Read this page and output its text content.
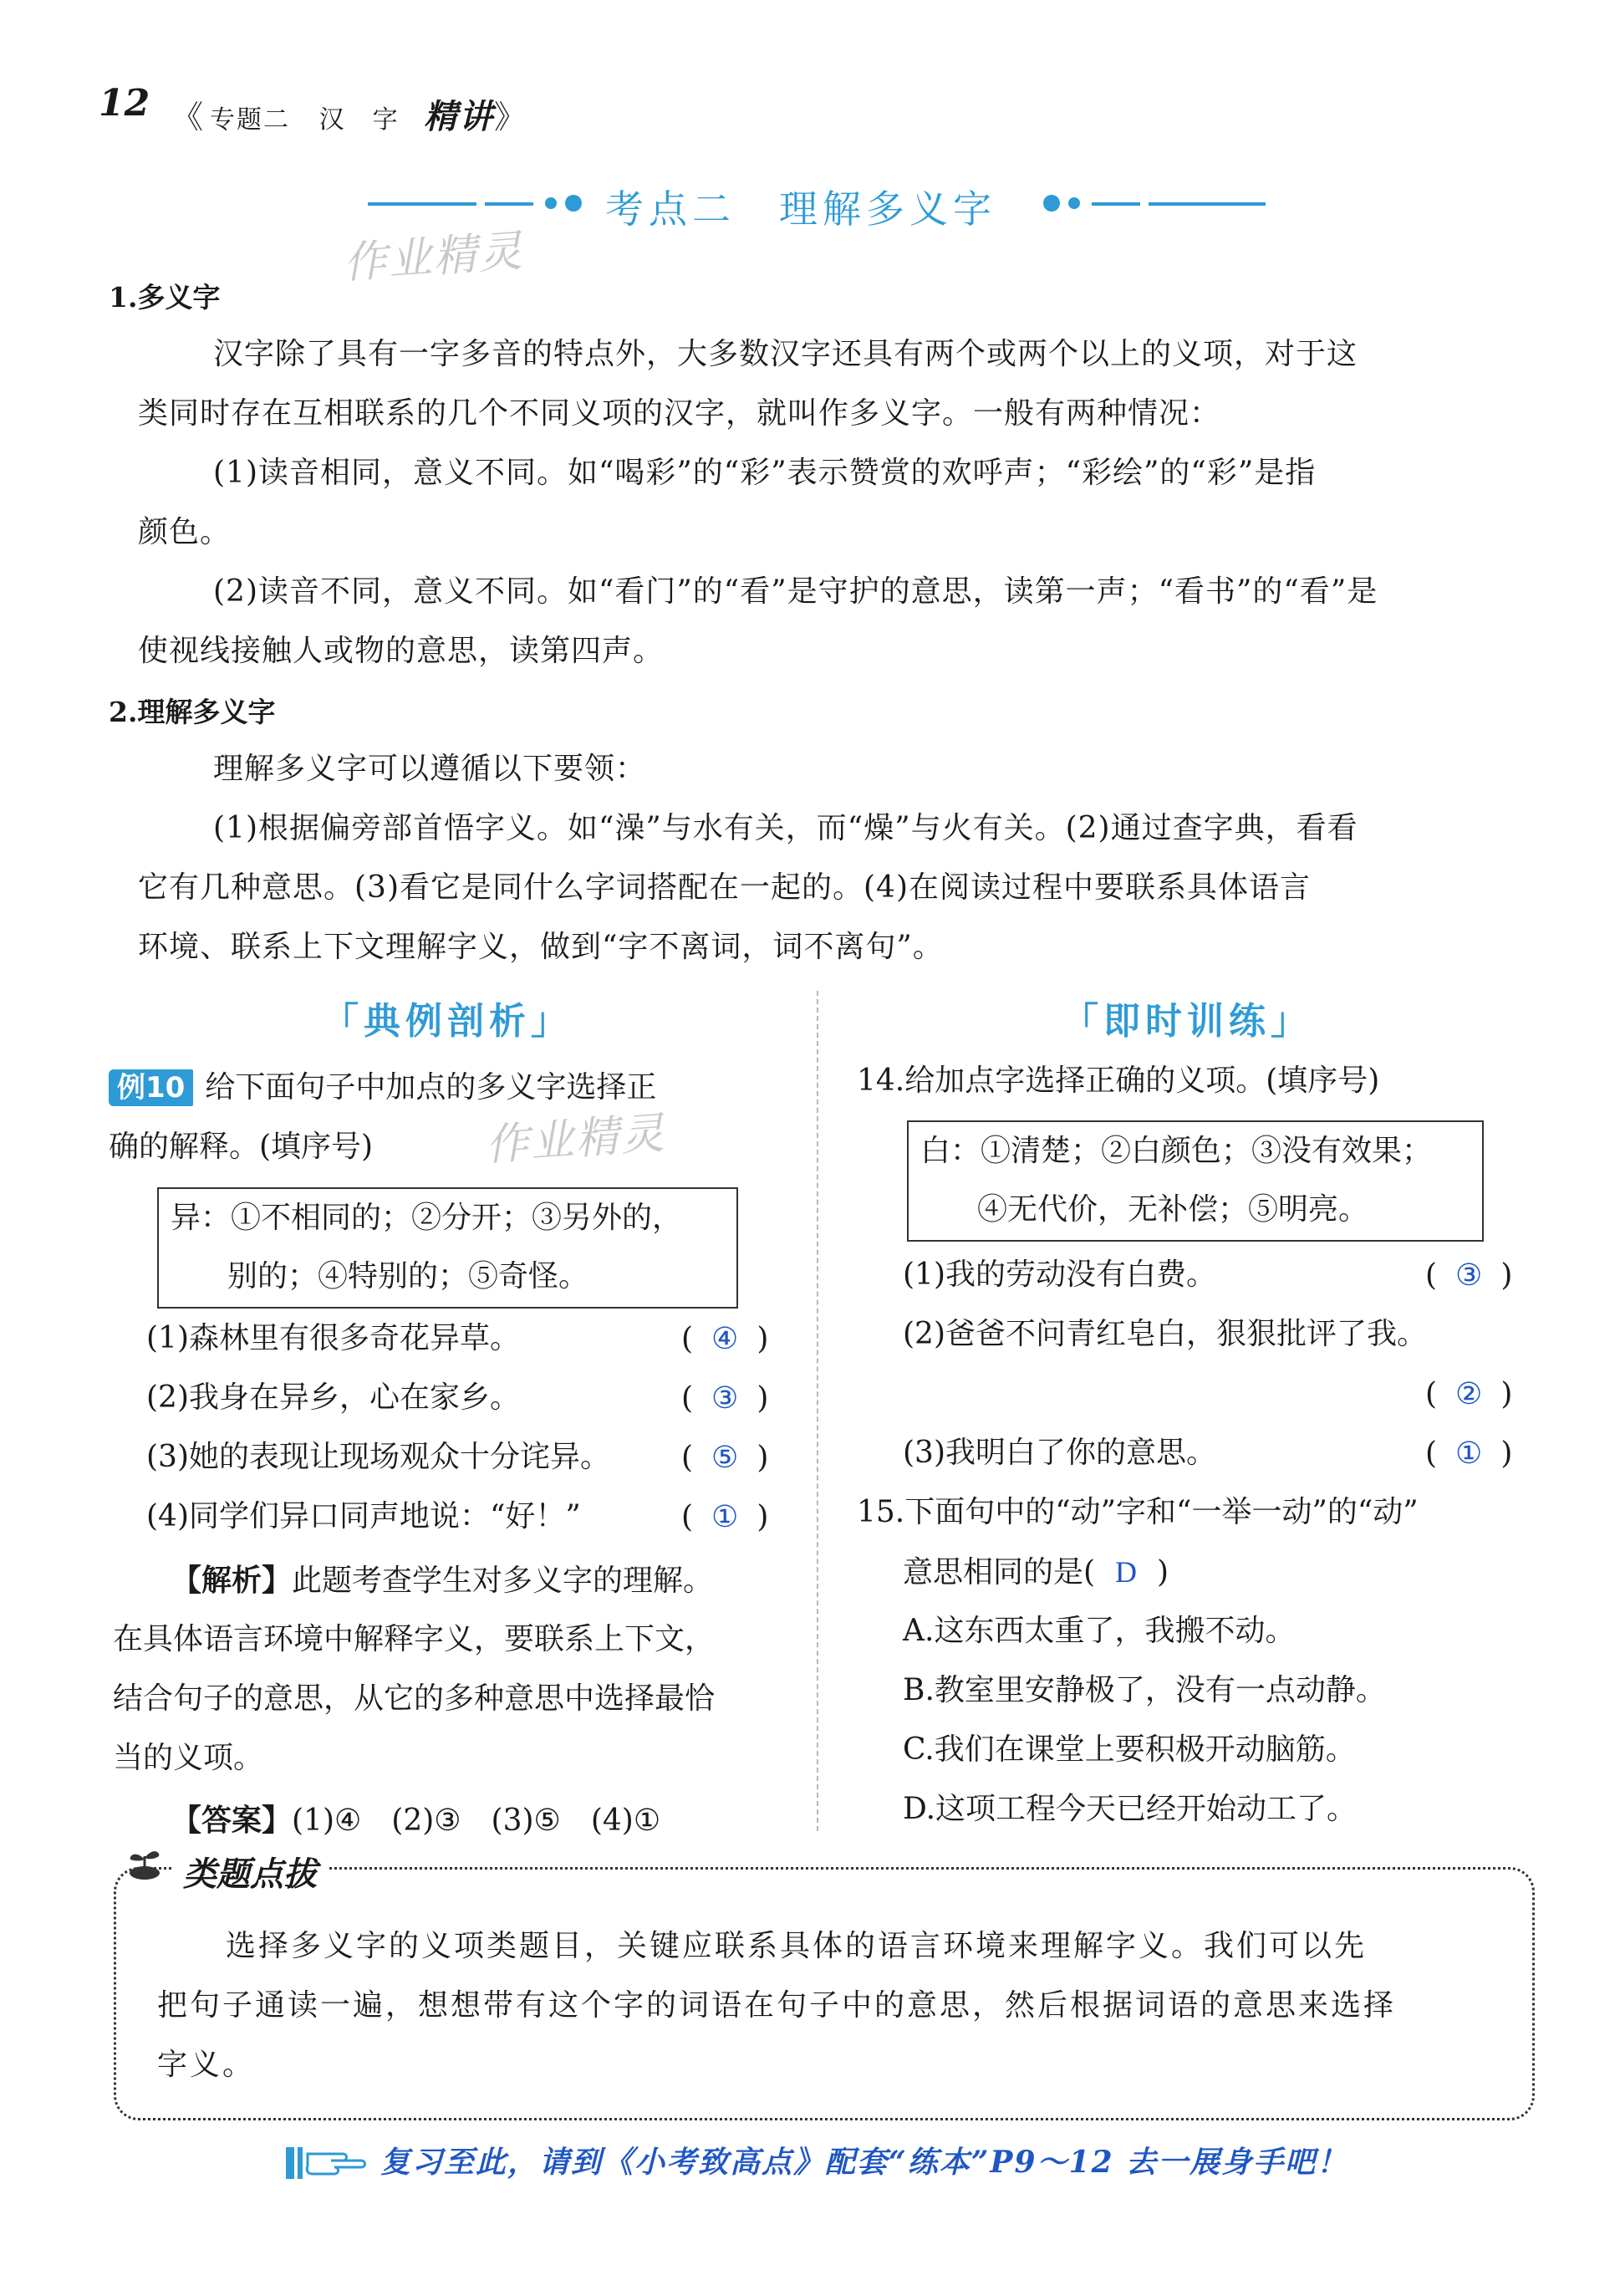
12 《 专题二 汉　字 精讲》
考点二　理解多义字
作业精灵
1.多义字
汉字除了具有一字多音的特点外，大多数汉字还具有两个或两个以上的义项，对于这
类同时存在互相联系的几个不同义项的汉字，就叫作多义字。一般有两种情况：
(1)读音相同，意义不同。如“喝彩”的“彩”表示赞赏的欢呼声；“彩绘”的“彩”是指
颜色。
(2)读音不同，意义不同。如“看门”的“看”是守护的意思，读第一声；“看书”的“看”是
使视线接触人或物的意思，读第四声。
2.理解多义字
理解多义字可以遵循以下要领：
(1)根据偏旁部首悟字义。如“澡”与水有关，而“燥”与火有关。(2)通过查字典，看看
它有几种意思。(3)看它是同什么字词搭配在一起的。(4)在阅读过程中要联系具体语言
环境、联系上下文理解字义，做到“字不离词，词不离句”。
「典例剖析」
例10 给下面句子中加点的多义字选择正
确的解释。(填序号)	作业精灵
异：①不相同的；②分开；③另外的，
别的；④特别的；⑤奇怪。
(1)森林里有很多奇花异草。	( ④ )
(2)我身在异乡，心在家乡。	( ③ )
(3)她的表现让现场观众十分诧异。 ( ⑤ )
(4)同学们异口同声地说：“好！”	( ① )
【解析】此题考查学生对多义字的理解。
在具体语言环境中解释字义，要联系上下文，
结合句子的意思，从它的多种意思中选择最恰
当的义项。
【答案】(1)④　(2)③　(3)⑤　(4)①
「即时训练」
14.给加点字选择正确的义项。(填序号)
白：①清楚；②白颜色；③没有效果；
④无代价，无补偿；⑤明亮。
(1)我的劳动没有白费。	( ③ )
(2)爸爸不问青红皂白，狠狠批评了我。
( ② )
(3)我明白了你的意思。	( ① )
15.下面句中的“动”字和“一举一动”的“动”
意思相同的是( D )
A.这东西太重了，我搬不动。
B.教室里安静极了，没有一点动静。
C.我们在课堂上要积极开动脑筋。
D.这项工程今天已经开始动工了。
类题点拔
选择多义字的义项类题目，关键应联系具体的语言环境来理解字义。我们可以先
把句子通读一遍，想想带有这个字的词语在句子中的意思，然后根据词语的意思来选择
字义。
复习至此，请到《小考致高点》配套“练本”P9～12 去一展身手吧！
